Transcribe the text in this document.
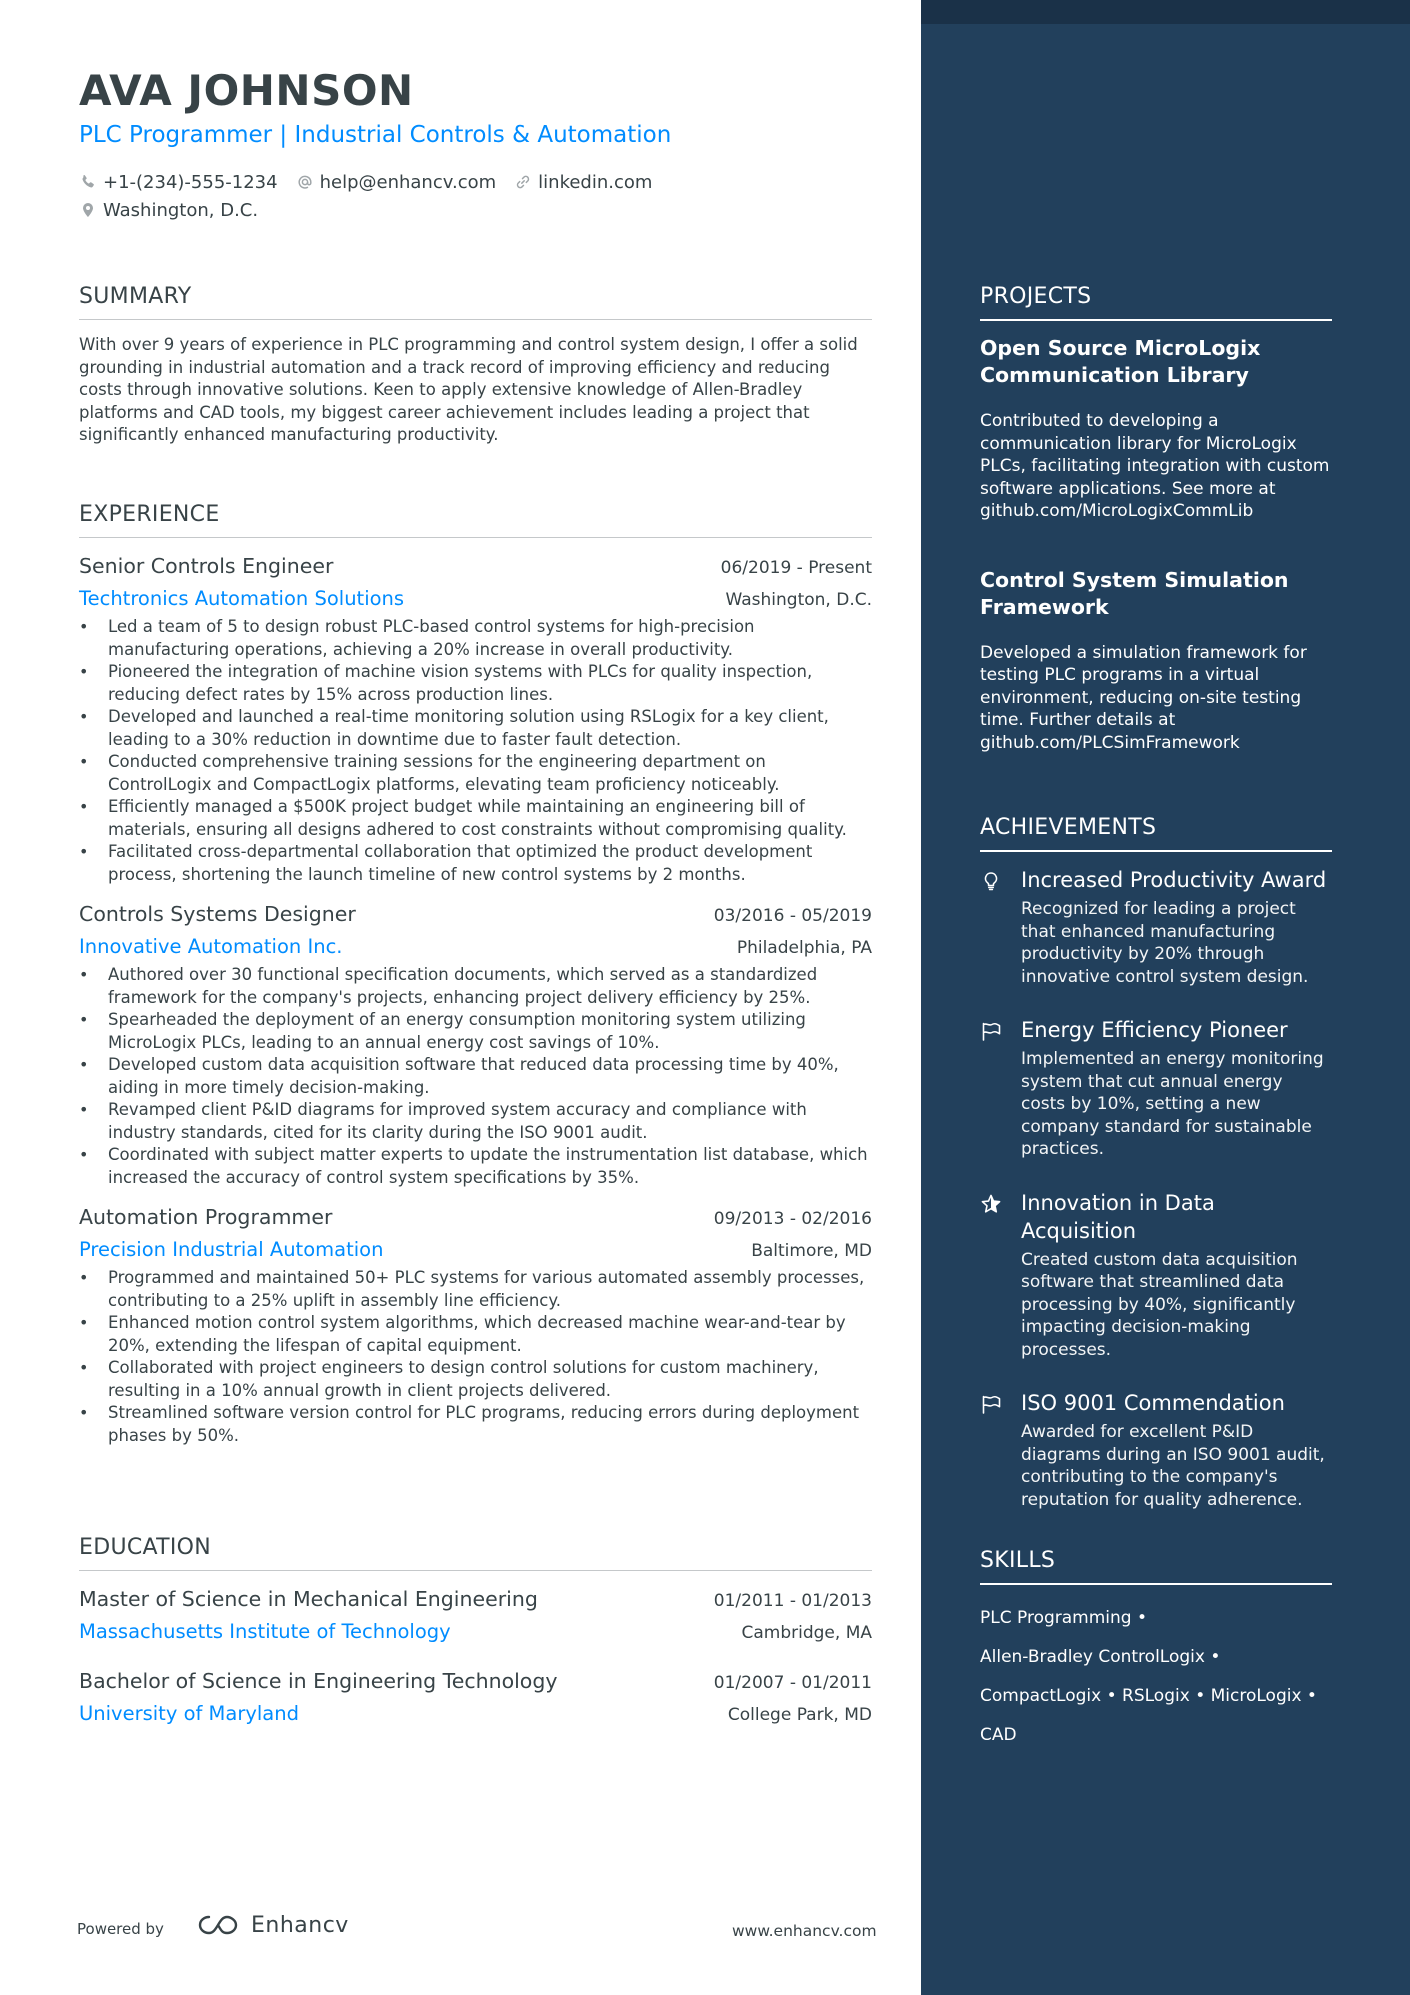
AVA JOHNSON
PLC Programmer | Industrial Controls & Automation
+1-(234)-555-1234 help@enhancv.com linkedin.com
Washington, D.C.
SUMMARY
With over 9 years of experience in PLC programming and control system design, I offer a solid grounding in industrial automation and a track record of improving efficiency and reducing costs through innovative solutions. Keen to apply extensive knowledge of Allen-Bradley platforms and CAD tools, my biggest career achievement includes leading a project that significantly enhanced manufacturing productivity.
EXPERIENCE
Senior Controls Engineer	06/2019 - Present
Techtronics Automation Solutions	Washington, D.C.
• Led a team of 5 to design robust PLC-based control systems for high-precision manufacturing operations, achieving a 20% increase in overall productivity.
• Pioneered the integration of machine vision systems with PLCs for quality inspection, reducing defect rates by 15% across production lines.
• Developed and launched a real-time monitoring solution using RSLogix for a key client, leading to a 30% reduction in downtime due to faster fault detection.
• Conducted comprehensive training sessions for the engineering department on ControlLogix and CompactLogix platforms, elevating team proficiency noticeably.
• Efficiently managed a $500K project budget while maintaining an engineering bill of materials, ensuring all designs adhered to cost constraints without compromising quality.
• Facilitated cross-departmental collaboration that optimized the product development process, shortening the launch timeline of new control systems by 2 months.
Controls Systems Designer	03/2016 - 05/2019
Innovative Automation Inc.	Philadelphia, PA
• Authored over 30 functional specification documents, which served as a standardized framework for the company's projects, enhancing project delivery efficiency by 25%.
• Spearheaded the deployment of an energy consumption monitoring system utilizing MicroLogix PLCs, leading to an annual energy cost savings of 10%.
• Developed custom data acquisition software that reduced data processing time by 40%, aiding in more timely decision-making.
• Revamped client P&ID diagrams for improved system accuracy and compliance with industry standards, cited for its clarity during the ISO 9001 audit.
• Coordinated with subject matter experts to update the instrumentation list database, which increased the accuracy of control system specifications by 35%.
Automation Programmer	09/2013 - 02/2016
Precision Industrial Automation	Baltimore, MD
• Programmed and maintained 50+ PLC systems for various automated assembly processes, contributing to a 25% uplift in assembly line efficiency.
• Enhanced motion control system algorithms, which decreased machine wear-and-tear by 20%, extending the lifespan of capital equipment.
• Collaborated with project engineers to design control solutions for custom machinery, resulting in a 10% annual growth in client projects delivered.
• Streamlined software version control for PLC programs, reducing errors during deployment phases by 50%.
EDUCATION
Master of Science in Mechanical Engineering	01/2011 - 01/2013
Massachusetts Institute of Technology	Cambridge, MA
Bachelor of Science in Engineering Technology	01/2007 - 01/2011
University of Maryland	College Park, MD
Powered by	Enhancv	www.enhancv.com
PROJECTS
Open Source MicroLogix Communication Library
Contributed to developing a communication library for MicroLogix PLCs, facilitating integration with custom software applications. See more at github.com/MicroLogixCommLib
Control System Simulation Framework
Developed a simulation framework for testing PLC programs in a virtual environment, reducing on-site testing time. Further details at github.com/PLCSimFramework
ACHIEVEMENTS
Increased Productivity Award
Recognized for leading a project that enhanced manufacturing productivity by 20% through innovative control system design.
Energy Efficiency Pioneer
Implemented an energy monitoring system that cut annual energy costs by 10%, setting a new company standard for sustainable practices.
Innovation in Data Acquisition
Created custom data acquisition software that streamlined data processing by 40%, significantly impacting decision-making processes.
ISO 9001 Commendation
Awarded for excellent P&ID diagrams during an ISO 9001 audit, contributing to the company's reputation for quality adherence.
SKILLS
PLC Programming •
Allen-Bradley ControlLogix •
CompactLogix • RSLogix • MicroLogix •
CAD
